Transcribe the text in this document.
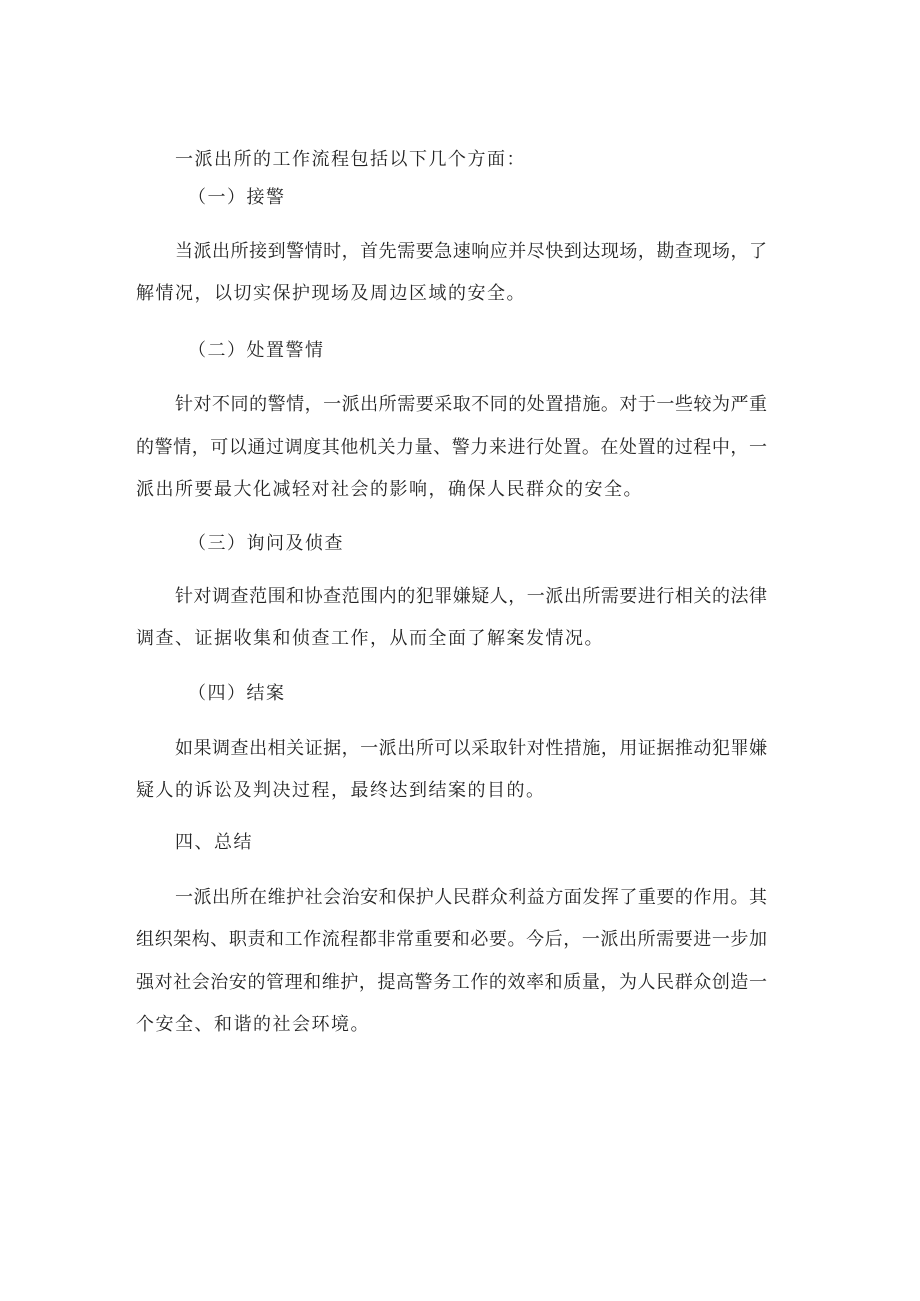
一派出所的工作流程包括以下几个方面：
（一）接警
当派出所接到警情时，首先需要急速响应并尽快到达现场，勘查现场，了
解情况，以切实保护现场及周边区域的安全。
（二）处置警情
针对不同的警情，一派出所需要采取不同的处置措施。对于一些较为严重
的警情，可以通过调度其他机关力量、警力来进行处置。在处置的过程中，一
派出所要最大化减轻对社会的影响，确保人民群众的安全。
（三）询问及侦查
针对调查范围和协查范围内的犯罪嫌疑人，一派出所需要进行相关的法律
调查、证据收集和侦查工作，从而全面了解案发情况。
（四）结案
如果调查出相关证据，一派出所可以采取针对性措施，用证据推动犯罪嫌
疑人的诉讼及判决过程，最终达到结案的目的。
四、总结
一派出所在维护社会治安和保护人民群众利益方面发挥了重要的作用。其
组织架构、职责和工作流程都非常重要和必要。今后，一派出所需要进一步加
强对社会治安的管理和维护，提高警务工作的效率和质量，为人民群众创造一
个安全、和谐的社会环境。
